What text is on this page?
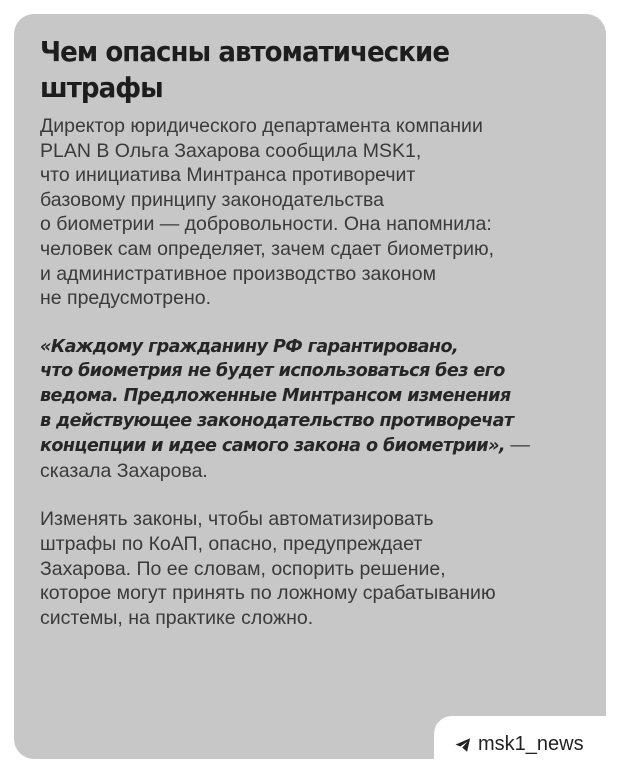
Чем опасны автоматические
штрафы

Директор юридического департамента компании
PLAN B Ольга Захарова сообщила MSK1,
что инициатива Минтранса противоречит
базовому принципу законодательства
о биометрии — добровольности. Она напомнила:
человек сам определяет, зачем сдает биометрию,
и административное производство законом
не предусмотрено.

«Каждому гражданину РФ гарантировано,
что биометрия не будет использоваться без его
ведома. Предложенные Минтрансом изменения
в действующее законодательство противоречат
концепции и идее самого закона о биометрии», —
сказала Захарова.

Изменять законы, чтобы автоматизировать
штрафы по КоАП, опасно, предупреждает
Захарова. По ее словам, оспорить решение,
которое могут принять по ложному срабатыванию
системы, на практике сложно.

msk1_news
